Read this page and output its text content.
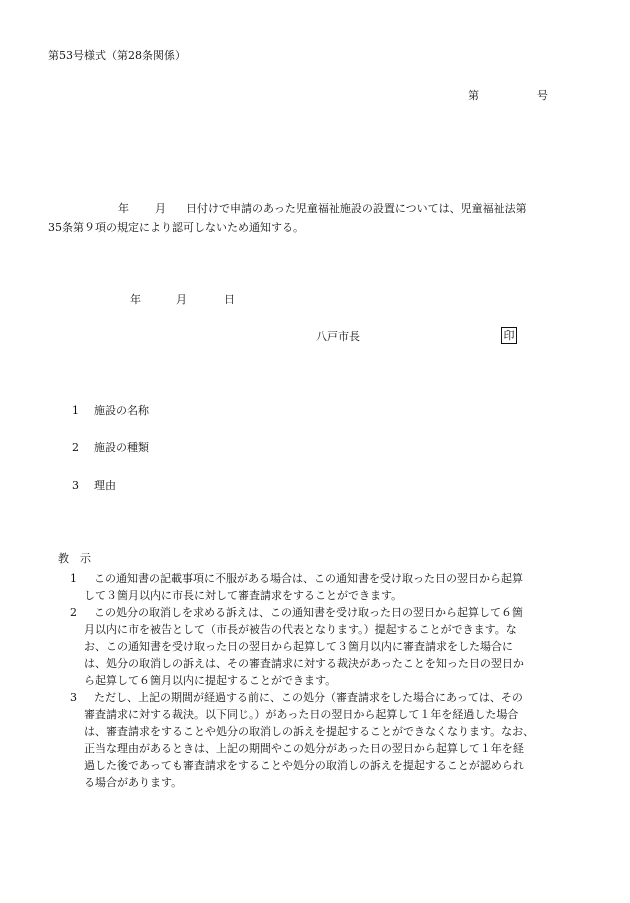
第53号様式（第28条関係）
第	号
年 月 日付けで申請のあった児童福祉施設の設置については、児童福祉法第
35条第９項の規定により認可しないため通知する。
年	月	日
八戸市長	印
1 施設の名称
2 施設の種類
3 理由
教　示
1 この通知書の記載事項に不服がある場合は、この通知書を受け取った日の翌日から起算
して３箇月以内に市長に対して審査請求をすることができます。
2 この処分の取消しを求める訴えは、この通知書を受け取った日の翌日から起算して６箇
月以内に市を被告として（市長が被告の代表となります。）提起することができます。な
お、この通知書を受け取った日の翌日から起算して３箇月以内に審査請求をした場合に
は、処分の取消しの訴えは、その審査請求に対する裁決があったことを知った日の翌日か
ら起算して６箇月以内に提起することができます。
3 ただし、上記の期間が経過する前に、この処分（審査請求をした場合にあっては、その
審査請求に対する裁決。以下同じ。）があった日の翌日から起算して１年を経過した場合
は、審査請求をすることや処分の取消しの訴えを提起することができなくなります。なお、
正当な理由があるときは、上記の期間やこの処分があった日の翌日から起算して１年を経
過した後であっても審査請求をすることや処分の取消しの訴えを提起することが認められ
る場合があります。
